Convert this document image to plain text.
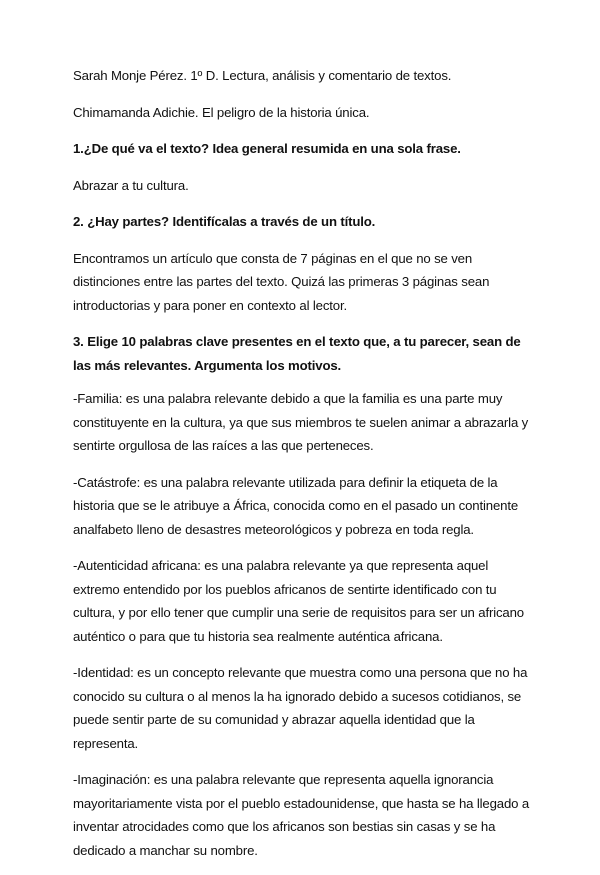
Sarah Monje Pérez. 1º D. Lectura, análisis y comentario de textos.

Chimamanda Adichie. El peligro de la historia única.

1.¿De qué va el texto? Idea general resumida en una sola frase.

Abrazar a tu cultura.

2. ¿Hay partes? Identifícalas a través de un título.

Encontramos un artículo que consta de 7 páginas en el que no se ven distinciones entre las partes del texto. Quizá las primeras 3 páginas sean introductorias y para poner en contexto al lector.

3. Elige 10 palabras clave presentes en el texto que, a tu parecer, sean de las más relevantes. Argumenta los motivos.

-Familia: es una palabra relevante debido a que la familia es una parte muy constituyente en la cultura, ya que sus miembros te suelen animar a abrazarla y sentirte orgullosa de las raíces a las que perteneces.

-Catástrofe: es una palabra relevante utilizada para definir la etiqueta de la historia que se le atribuye a África, conocida como en el pasado un continente analfabeto lleno de desastres meteorológicos y pobreza en toda regla.

-Autenticidad africana: es una palabra relevante ya que representa aquel extremo entendido por los pueblos africanos de sentirte identificado con tu cultura, y por ello tener que cumplir una serie de requisitos para ser un africano auténtico o para que tu historia sea realmente auténtica africana.

-Identidad: es un concepto relevante que muestra como una persona que no ha conocido su cultura o al menos la ha ignorado debido a sucesos cotidianos, se puede sentir parte de su comunidad y abrazar aquella identidad que la representa.

-Imaginación: es una palabra relevante que representa aquella ignorancia mayoritariamente vista por el pueblo estadounidense, que hasta se ha llegado a inventar atrocidades como que los africanos son bestias sin casas y se ha dedicado a manchar su nombre.
